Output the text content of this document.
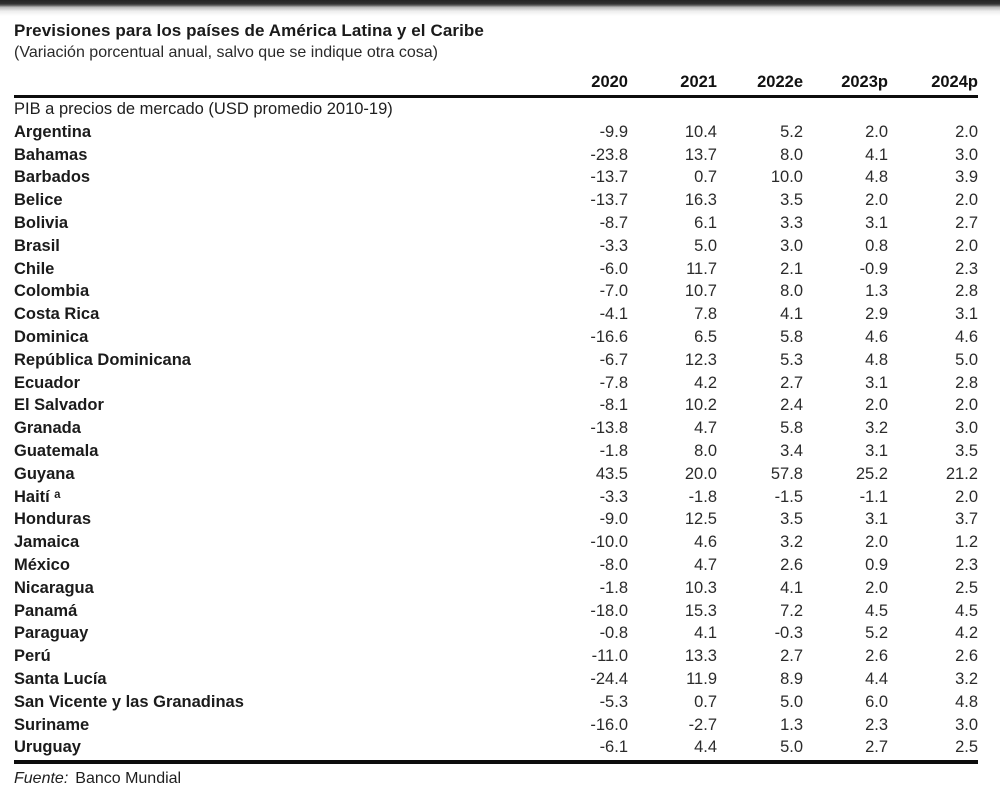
Previsiones para los países de América Latina y el Caribe
(Variación porcentual anual, salvo que se indique otra cosa)
2020	2021	2022e	2023p	2024p
PIB a precios de mercado (USD promedio 2010-19)
Argentina	-9.9	10.4	5.2	2.0	2.0
Bahamas	-23.8	13.7	8.0	4.1	3.0
Barbados	-13.7	0.7	10.0	4.8	3.9
Belice	-13.7	16.3	3.5	2.0	2.0
Bolivia	-8.7	6.1	3.3	3.1	2.7
Brasil	-3.3	5.0	3.0	0.8	2.0
Chile	-6.0	11.7	2.1	-0.9	2.3
Colombia	-7.0	10.7	8.0	1.3	2.8
Costa Rica	-4.1	7.8	4.1	2.9	3.1
Dominica	-16.6	6.5	5.8	4.6	4.6
República Dominicana	-6.7	12.3	5.3	4.8	5.0
Ecuador	-7.8	4.2	2.7	3.1	2.8
El Salvador	-8.1	10.2	2.4	2.0	2.0
Granada	-13.8	4.7	5.8	3.2	3.0
Guatemala	-1.8	8.0	3.4	3.1	3.5
Guyana	43.5	20.0	57.8	25.2	21.2
Haití ᵃ	-3.3	-1.8	-1.5	-1.1	2.0
Honduras	-9.0	12.5	3.5	3.1	3.7
Jamaica	-10.0	4.6	3.2	2.0	1.2
México	-8.0	4.7	2.6	0.9	2.3
Nicaragua	-1.8	10.3	4.1	2.0	2.5
Panamá	-18.0	15.3	7.2	4.5	4.5
Paraguay	-0.8	4.1	-0.3	5.2	4.2
Perú	-11.0	13.3	2.7	2.6	2.6
Santa Lucía	-24.4	11.9	8.9	4.4	3.2
San Vicente y las Granadinas	-5.3	0.7	5.0	6.0	4.8
Suriname	-16.0	-2.7	1.3	2.3	3.0
Uruguay	-6.1	4.4	5.0	2.7	2.5
Fuente: Banco Mundial
